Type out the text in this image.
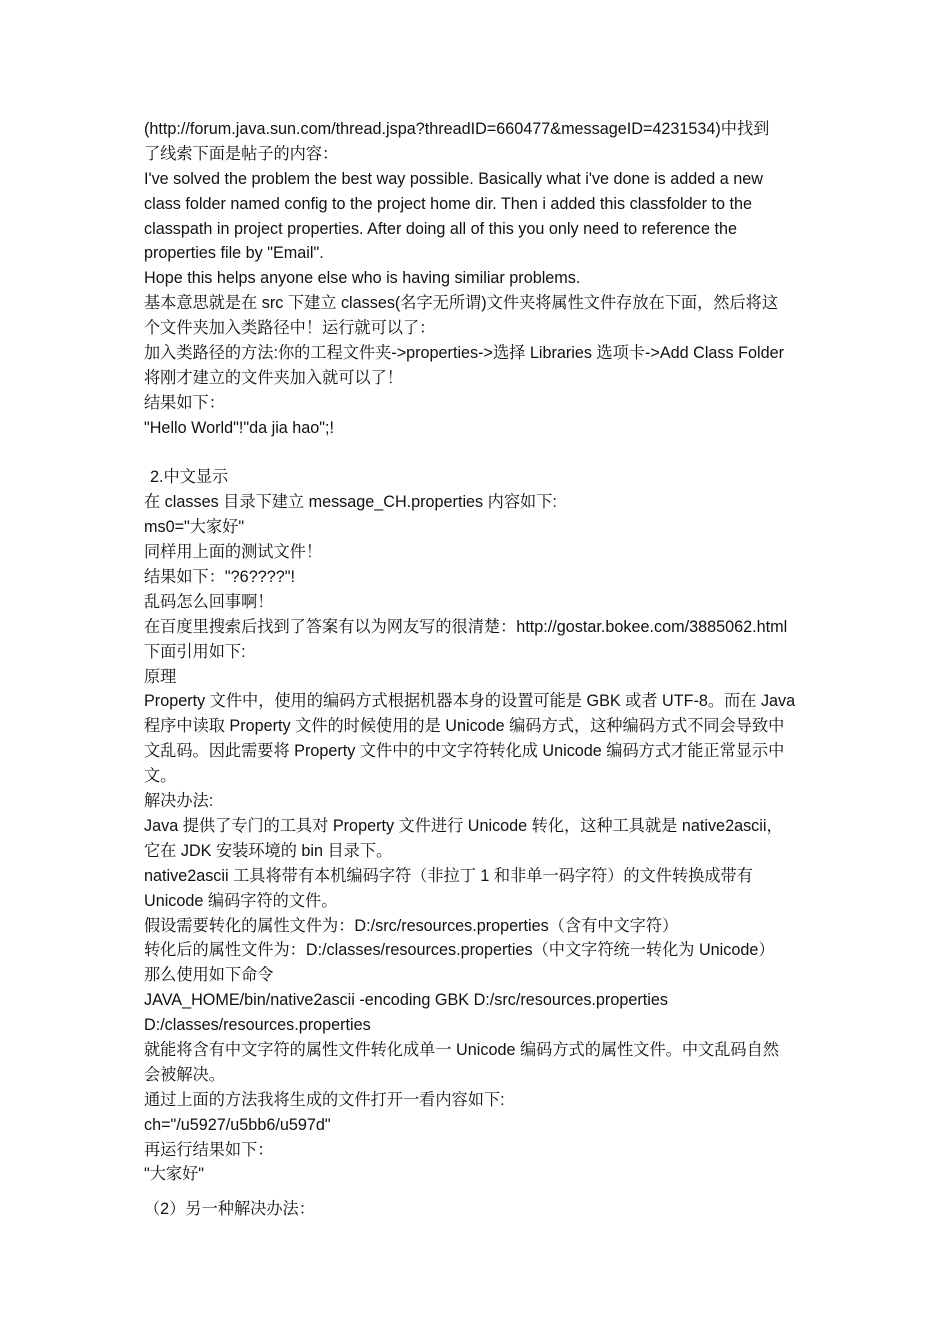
(http://forum.java.sun.com/thread.jspa?threadID=660477&messageID=4231534)中找到
了线索下面是帖子的内容：
I've solved the problem the best way possible. Basically what i've done is added a new
class folder named config to the project home dir. Then i added this classfolder to the
classpath in project properties. After doing all of this you only need to reference the
properties file by "Email".
Hope this helps anyone else who is having similiar problems.
基本意思就是在 src 下建立 classes(名字无所谓)文件夹将属性文件存放在下面，然后将这
个文件夹加入类路径中！运行就可以了：
加入类路径的方法:你的工程文件夹->properties->选择 Libraries 选项卡->Add Class Folder
将刚才建立的文件夹加入就可以了！
结果如下：
"Hello World"!"da jia hao";!
2.中文显示
在 classes 目录下建立 message_CH.properties 内容如下:
ms0="大家好"
同样用上面的测试文件！
结果如下："?6????"!
乱码怎么回事啊！
在百度里搜索后找到了答案有以为网友写的很清楚：http://gostar.bokee.com/3885062.html
下面引用如下:
原理
Property 文件中，使用的编码方式根据机器本身的设置可能是 GBK 或者 UTF-8。而在 Java
程序中读取 Property 文件的时候使用的是 Unicode 编码方式，这种编码方式不同会导致中
文乱码。因此需要将 Property 文件中的中文字符转化成 Unicode 编码方式才能正常显示中
文。
解决办法:
Java 提供了专门的工具对 Property 文件进行 Unicode 转化，这种工具就是 native2ascii，
它在 JDK 安装环境的 bin 目录下。
native2ascii 工具将带有本机编码字符（非拉丁 1 和非单一码字符）的文件转换成带有
Unicode 编码字符的文件。
假设需要转化的属性文件为：D:/src/resources.properties（含有中文字符）
转化后的属性文件为：D:/classes/resources.properties（中文字符统一转化为 Unicode）
那么使用如下命令
JAVA_HOME/bin/native2ascii -encoding GBK D:/src/resources.properties
D:/classes/resources.properties
就能将含有中文字符的属性文件转化成单一 Unicode 编码方式的属性文件。中文乱码自然
会被解决。
通过上面的方法我将生成的文件打开一看内容如下:
ch="/u5927/u5bb6/u597d"
再运行结果如下：
"大家好"
（2）另一种解决办法：
